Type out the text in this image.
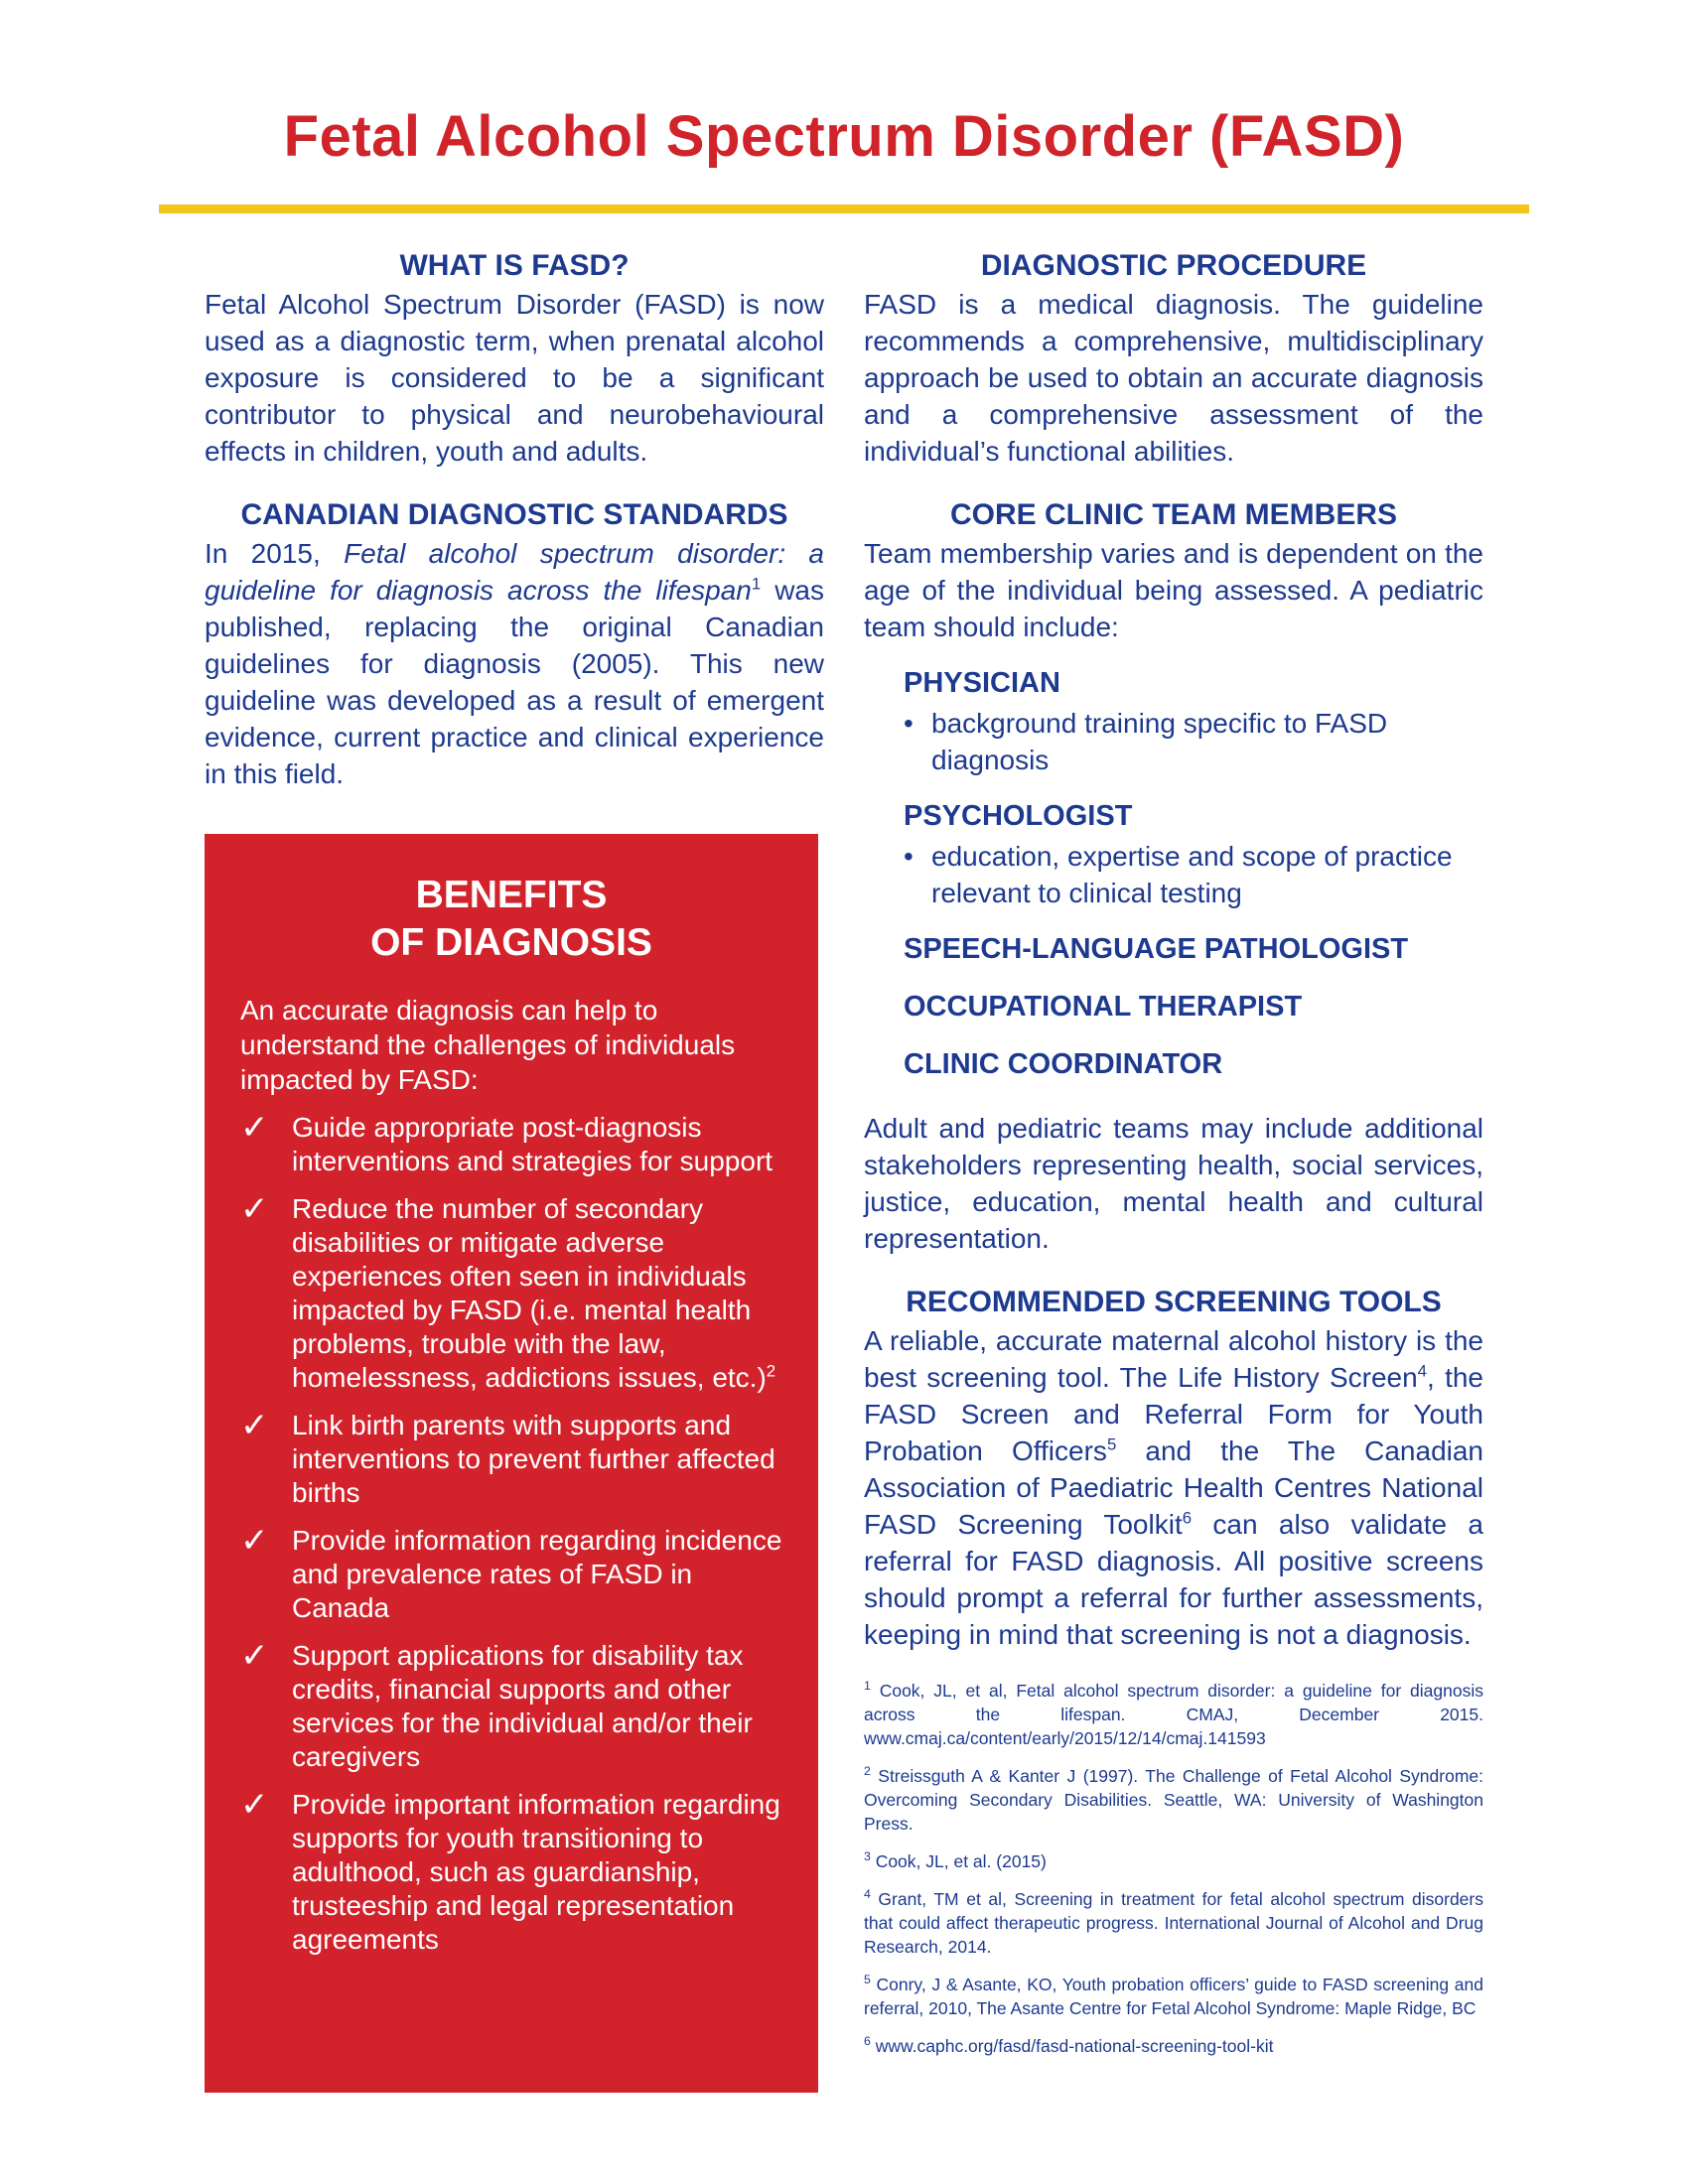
Fetal Alcohol Spectrum Disorder (FASD)
WHAT IS FASD?

Fetal Alcohol Spectrum Disorder (FASD) is now used as a diagnostic term, when prenatal alcohol exposure is considered to be a significant contributor to physical and neurobehavioural effects in children, youth and adults.

CANADIAN DIAGNOSTIC STANDARDS

In 2015, Fetal alcohol spectrum disorder: a guideline for diagnosis across the lifespan$^1$ was published, replacing the original Canadian guidelines for diagnosis (2005). This new guideline was developed as a result of emergent evidence, current practice and clinical experience in this field.

BENEFITS
OF DIAGNOSIS
An accurate diagnosis can help to understand the challenges of individuals impacted by FASD:
✓ Guide appropriate post-diagnosis interventions and strategies for support
✓ Reduce the number of secondary disabilities or mitigate adverse experiences often seen in individuals impacted by FASD (i.e. mental health problems, trouble with the law, homelessness, addictions issues, etc.)$^2$
✓ Link birth parents with supports and interventions to prevent further affected births
✓ Provide information regarding incidence and prevalence rates of FASD in Canada
✓ Support applications for disability tax credits, financial supports and other services for the individual and/or their caregivers
✓ Provide important information regarding supports for youth transitioning to adulthood, such as guardianship, trusteeship and legal representation agreements
DIAGNOSTIC PROCEDURE

FASD is a medical diagnosis. The guideline recommends a comprehensive, multidisciplinary approach be used to obtain an accurate diagnosis and a comprehensive assessment of the individual’s functional abilities.

CORE CLINIC TEAM MEMBERS

Team membership varies and is dependent on the age of the individual being assessed. A pediatric team should include:

PHYSICIAN
• background training specific to FASD diagnosis
PSYCHOLOGIST
• education, expertise and scope of practice relevant to clinical testing
SPEECH-LANGUAGE PATHOLOGIST
OCCUPATIONAL THERAPIST
CLINIC COORDINATOR

Adult and pediatric teams may include additional stakeholders representing health, social services, justice, education, mental health and cultural representation.

RECOMMENDED SCREENING TOOLS

A reliable, accurate maternal alcohol history is the best screening tool. The Life History Screen$^4$, the FASD Screen and Referral Form for Youth Probation Officers$^5$ and the The Canadian Association of Paediatric Health Centres National FASD Screening Toolkit$^6$ can also validate a referral for FASD diagnosis. All positive screens should prompt a referral for further assessments, keeping in mind that screening is not a diagnosis.

$^1$ Cook, JL, et al, Fetal alcohol spectrum disorder: a guideline for diagnosis across the lifespan. CMAJ, December 2015. www.cmaj.ca/content/early/2015/12/14/cmaj.141593
$^2$ Streissguth A & Kanter J (1997). The Challenge of Fetal Alcohol Syndrome: Overcoming Secondary Disabilities. Seattle, WA: University of Washington Press.
$^3$ Cook, JL, et al. (2015)
$^4$ Grant, TM et al, Screening in treatment for fetal alcohol spectrum disorders that could affect therapeutic progress. International Journal of Alcohol and Drug Research, 2014.
$^5$ Conry, J & Asante, KO, Youth probation officers’ guide to FASD screening and referral, 2010, The Asante Centre for Fetal Alcohol Syndrome: Maple Ridge, BC
$^6$ www.caphc.org/fasd/fasd-national-screening-tool-kit
